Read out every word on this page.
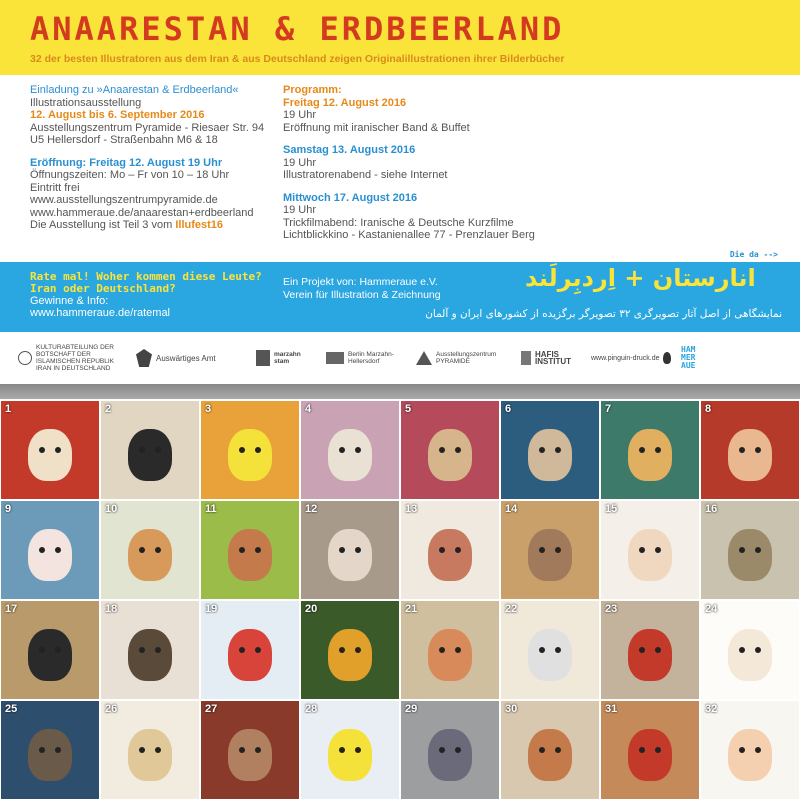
ANAARESTAN & ERDBEERLAND
32 der besten Illustratoren aus dem Iran & aus Deutschland zeigen Originalillustrationen ihrer Bilderbücher
Einladung zu »Anaarestan & Erdbeerland«
Illustrationsausstellung
12. August bis 6. September 2016
Ausstellungszentrum Pyramide - Riesaer Str. 94
U5 Hellersdorf - Straßenbahn M6 & 18
Eröffnung: Freitag 12. August 19 Uhr
Öffnungszeiten: Mo – Fr von 10 – 18 Uhr
Eintritt frei
www.ausstellungszentrumpyramide.de
www.hammeraue.de/anaarestan+erdbeerland
Die Ausstellung ist Teil 3 vom Illufest16
Programm:
Freitag 12. August 2016
19 Uhr
Eröffnung mit iranischer Band & Buffet
Samstag 13. August 2016
19 Uhr
Illustratorenabend - siehe Internet
Mittwoch 17. August 2016
19 Uhr
Trickfilmabend: Iranische & Deutsche Kurzfilme
Lichtblickkino - Kastanienallee 77 - Prenzlauer Berg
Die da -->
Rate mal! Woher kommen diese Leute?
Iran oder Deutschland?
Gewinne & Info:
www.hammeraue.de/ratemal
Ein Projekt von: Hammeraue e.V.
Verein für Illustration & Zeichnung
انارستان + اِردبِرلَند
نمایشگاهی از اصل آثار تصویرگری ۳۲ تصویرگر برگزیده از کشورهای ایران و آلمان
KULTURABTEILUNG DER BOTSCHAFT DER ISLAMISCHEN REPUBLIK IRAN IN DEUTSCHLAND
Auswärtiges Amt	marzahn stam
Berlin Marzahn-Hellersdorf
Ausstellungszentrum PYRAMIDE
HAFIS INSTITUT	www.pinguin-druck.de
HAM MER AUE
1	2	3	4	5	6	7	8
9	10	11	12	13	14	15	16
17	18	19	20	21	22	23	24
25	26	27	28	29	30	31	32
